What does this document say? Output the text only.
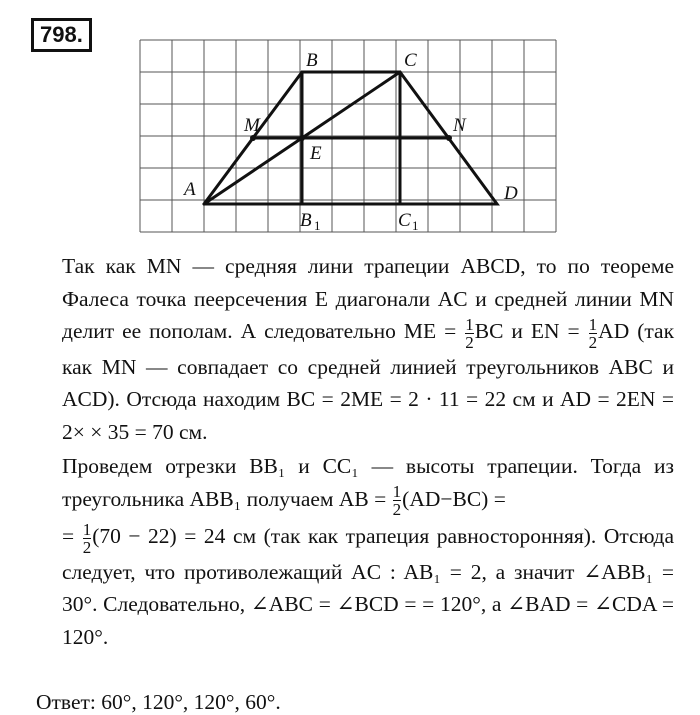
798.
A
B	C
D
M	N
E
B 1	C 1

Так как MN — средняя лини трапеции ABCD, то по теореме Фалеса точка пеерсечения E диагонали AC и средней линии MN делит ее пополам. А следовательно ME = $\frac{1}{2}$ BC и EN = $\frac{1}{2}$ AD (так как MN — совпадает со средней линией треугольников ABC и ACD). Отсюда находим BC = 2ME = 2 · 11 = 22 см и AD = 2EN = 2× × 35 = 70 см.

Проведем отрезки BB₁ и CC₁ — высоты трапеции. Тогда из треугольника ABB₁ получаем AB = $\frac{1}{2} (AD-BC)$ =

= $\frac{1}{2} (70 - 22) = 24$ см (так как трапеция равносторонняя). Отсюда следует, что противолежащий AC : AB₁ = 2, а значит ∠ABB₁ = 30°. Следовательно, ∠ABC = ∠BCD = = 120°, а ∠BAD = ∠CDA = 120°.

Ответ: 60°, 120°, 120°, 60°.
